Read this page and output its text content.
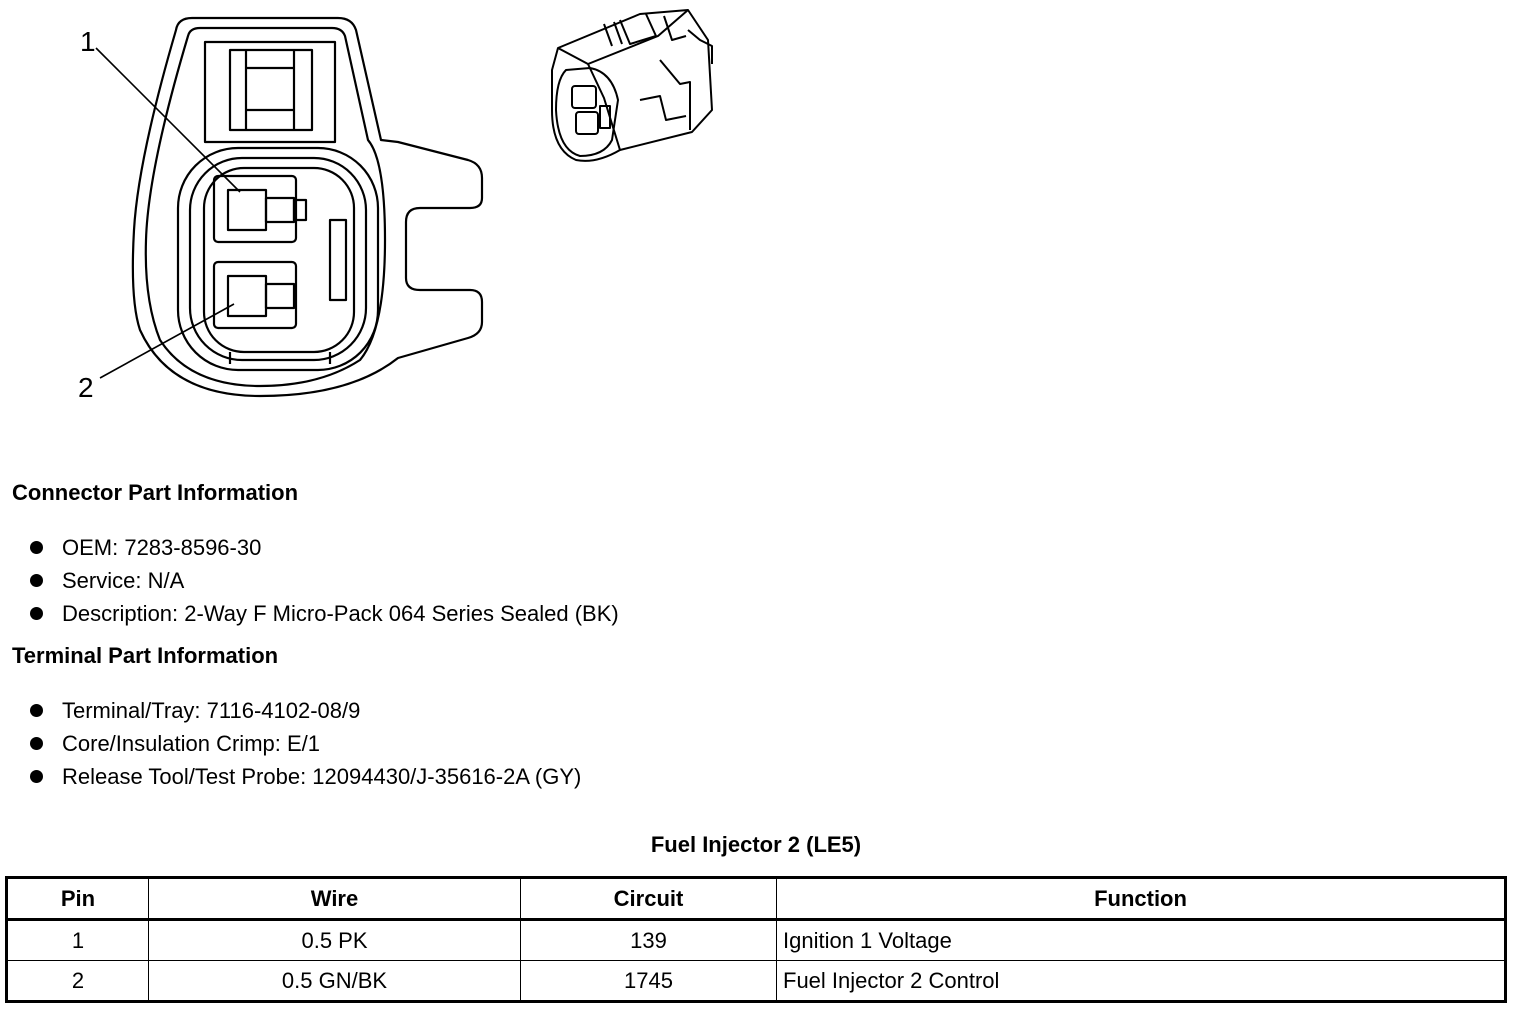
1
2
Connector Part Information
OEM: 7283-8596-30
Service: N/A
Description: 2-Way F Micro-Pack 064 Series Sealed (BK)
Terminal Part Information
Terminal/Tray: 7116-4102-08/9
Core/Insulation Crimp: E/1
Release Tool/Test Probe: 12094430/J-35616-2A (GY)
Fuel Injector 2 (LE5)
Pin	Wire	Circuit	Function
1	0.5 PK	139	Ignition 1 Voltage
2	0.5 GN/BK	1745	Fuel Injector 2 Control
